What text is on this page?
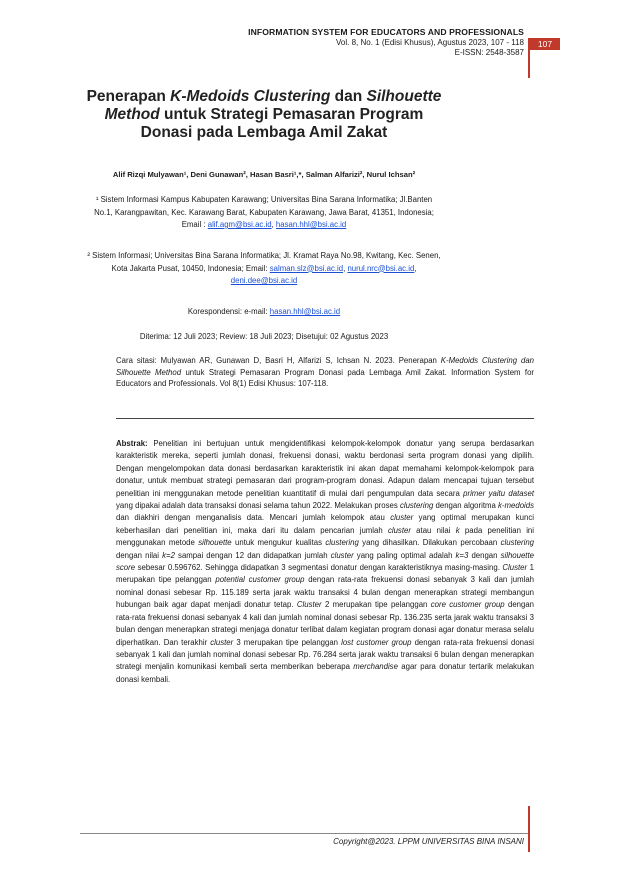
INFORMATION SYSTEM FOR EDUCATORS AND PROFESSIONALS
Vol. 8, No. 1 (Edisi Khusus), Agustus 2023, 107 - 118
E-ISSN: 2548-3587
107
Penerapan K-Medoids Clustering dan Silhouette Method untuk Strategi Pemasaran Program Donasi pada Lembaga Amil Zakat
Alif Rizqi Mulyawan¹, Deni Gunawan², Hasan Basri¹,*, Salman Alfarizi², Nurul Ichsan²
¹ Sistem Informasi Kampus Kabupaten Karawang; Universitas Bina Sarana Informatika; Jl.Banten No.1, Karangpawitan, Kec. Karawang Barat, Kabupaten Karawang, Jawa Barat, 41351, Indonesia; Email : alif.agm@bsi.ac.id, hasan.hhl@bsi.ac.id
² Sistem Informasi; Universitas Bina Sarana Informatika; Jl. Kramat Raya No.98, Kwitang, Kec. Senen, Kota Jakarta Pusat, 10450, Indonesia; Email: salman.slz@bsi.ac.id, nurul.nrc@bsi.ac.id, deni.dee@bsi.ac.id
Korespondensi: e-mail: hasan.hhl@bsi.ac.id
Diterima: 12 Juli 2023; Review: 18 Juli 2023; Disetujui: 02 Agustus 2023

Cara sitasi: Mulyawan AR, Gunawan D, Basri H, Alfarizi S, Ichsan N. 2023. Penerapan K-Medoids Clustering dan Silhouette Method untuk Strategi Pemasaran Program Donasi pada Lembaga Amil Zakat. Information System for Educators and Professionals. Vol 8(1) Edisi Khusus: 107-118.

Abstrak: Penelitian ini bertujuan untuk mengidentifikasi kelompok-kelompok donatur yang serupa berdasarkan karakteristik mereka, seperti jumlah donasi, frekuensi donasi, waktu berdonasi serta program donasi yang dipilih. Dengan mengelompokan data donasi berdasarkan karakteristik ini akan dapat memahami kelompok-kelompok para donatur, untuk membuat strategi pemasaran dari program-program donasi. Adapun dalam mencapai tujuan tersebut penelitian ini menggunakan metode penelitian kuantitatif di mulai dari pengumpulan data secara primer yaitu dataset yang dipakai adalah data transaksi donasi selama tahun 2022. Melakukan proses clustering dengan algoritma k-medoids dan diakhiri dengan menganalisis data. Mencari jumlah kelompok atau cluster yang optimal merupakan kunci keberhasilan dari penelitian ini, maka dari itu dalam pencarian jumlah cluster atau nilai k pada penelitian ini menggunakan metode silhouette untuk mengukur kualitas clustering yang dihasilkan. Dilakukan percobaan clustering dengan nilai k=2 sampai dengan 12 dan didapatkan jumlah cluster yang paling optimal adalah k=3 dengan silhouette score sebesar 0.596762. Sehingga didapatkan 3 segmentasi donatur dengan karakteristiknya masing-masing. Cluster 1 merupakan tipe pelanggan potential customer group dengan rata-rata frekuensi donasi sebanyak 3 kali dan jumlah nominal donasi sebesar Rp. 115.189 serta jarak waktu transaksi 4 bulan dengan menerapkan strategi membangun hubungan baik agar dapat menjadi donatur tetap. Cluster 2 merupakan tipe pelanggan core customer group dengan rata-rata frekuensi donasi sebanyak 4 kali dan jumlah nominal donasi sebesar Rp. 136.235 serta jarak waktu transaksi 3 bulan dengan menerapkan strategi menjaga donatur terlibat dalam kegiatan program donasi agar donatur merasa selalu diperhatikan. Dan terakhir cluster 3 merupakan tipe pelanggan lost customer group dengan rata-rata frekuensi donasi sebanyak 1 kali dan jumlah nominal donasi sebesar Rp. 76.284 serta jarak waktu transaksi 6 bulan dengan menerapkan strategi menjalin komunikasi kembali serta memberikan beberapa merchandise agar para donatur tertarik melakukan donasi kembali.

Copyright@2023. LPPM UNIVERSITAS BINA INSANI
